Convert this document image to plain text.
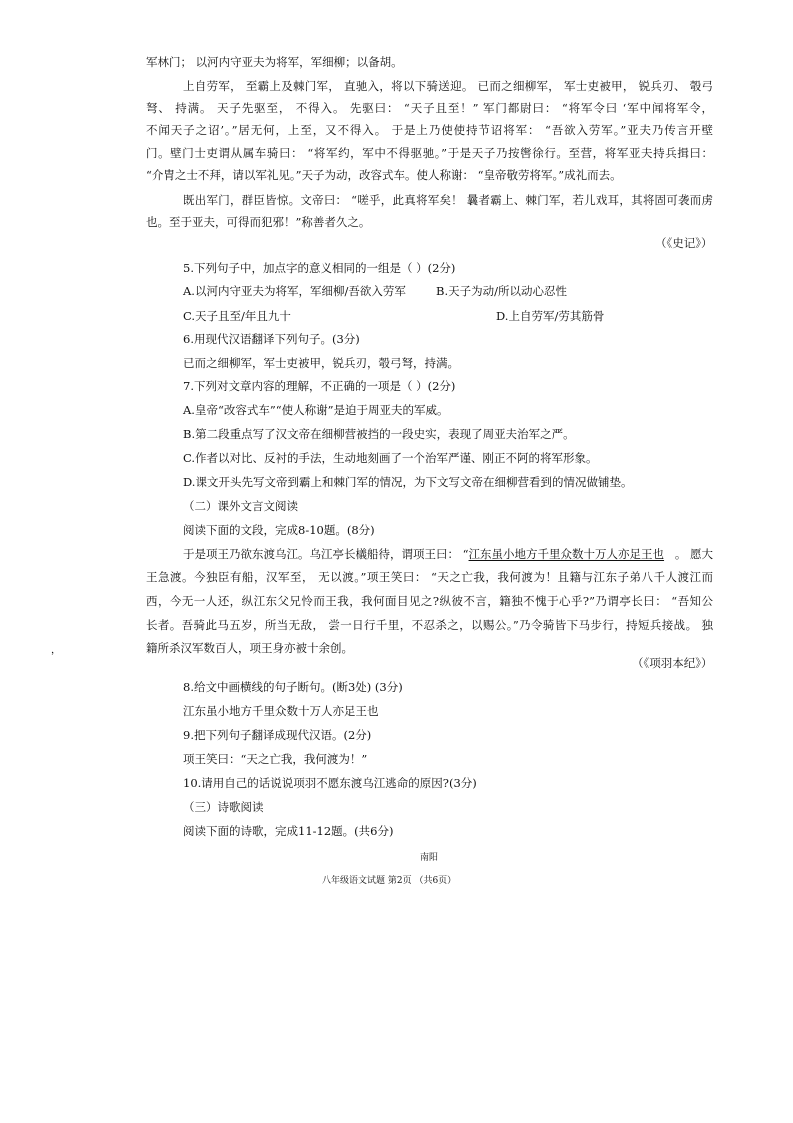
军林门； 以河内守亚夫为将军，军细柳；以备胡。
上自劳军， 至霸上及棘门军， 直驰入，将以下骑送迎。 已而之细柳军， 军士吏被甲， 锐兵刃、 彀弓
弩、 持满。 天子先驱至， 不得入。 先驱曰： “天子且至！” 军门都尉曰： “将军令曰 ‘军中闻将军令，
不闻天子之诏’。”居无何，上至，又不得入。 于是上乃使使持节诏将军： “吾欲入劳军。”亚夫乃传言开壁
门。壁门士吏谓从属车骑曰： “将军约，军中不得驱驰。”于是天子乃按辔徐行。至营，将军亚夫持兵揖曰：
“介胄之士不拜，请以军礼见。”天子为动，改容式车。使人称谢： “皇帝敬劳将军。”成礼而去。
既出军门，群臣皆惊。文帝曰： “嗟乎，此真将军矣！ 曩者霸上、棘门军，若儿戏耳，其将固可袭而虏
也。至于亚夫，可得而犯邪！”称善者久之。
（《史记》）
5.下列句子中，加点字的意义相同的一组是（ ）(2分)
A.以河内守亚夫为将军，军细柳/吾欲入劳军	B.天子为动/所以动心忍性
C.天子且至/年且九十	D.上自劳军/劳其筋骨
6.用现代汉语翻译下列句子。(3分)
已而之细柳军，军士吏被甲，锐兵刃，彀弓弩，持满。
7.下列对文章内容的理解，不正确的一项是（ ）(2分)
A.皇帝“改容式车”“使人称谢”是迫于周亚夫的军威。
B.第二段重点写了汉文帝在细柳营被挡的一段史实，表现了周亚夫治军之严。
C.作者以对比、反衬的手法，生动地刻画了一个治军严谨、刚正不阿的将军形象。
D.课文开头先写文帝到霸上和棘门军的情况，为下文写文帝在细柳营看到的情况做铺垫。
（二）课外文言文阅读
阅读下面的文段，完成8-10题。(8分)
于是项王乃欲东渡乌江。乌江亭长檥船待，谓项王曰： “ 江东虽小地方千里众数十万人亦足王也 。 愿大
王急渡。今独臣有船，汉军至， 无以渡。”项王笑曰： “天之亡我，我何渡为！且籍与江东子弟八千人渡江而
西，今无一人还，纵江东父兄怜而王我，我何面目见之?纵彼不言，籍独不愧于心乎?”乃谓亭长曰： “吾知公
长者。吾骑此马五岁，所当无敌， 尝一日行千里，不忍杀之，以赐公。”乃令骑皆下马步行，持短兵接战。 独
籍所杀汉军数百人，项王身亦被十余创。
，
（《项羽本纪》）
8.给文中画横线的句子断句。(断3处) (3分)
江东虽小地方千里众数十万人亦足王也
9.把下列句子翻译成现代汉语。(2分)
项王笑曰：“天之亡我，我何渡为！”
10.请用自己的话说说项羽不愿东渡乌江逃命的原因?(3分)
（三）诗歌阅读
阅读下面的诗歌，完成11-12题。(共6分)
南阳
八年级语文试题 第2页 （共6页）
